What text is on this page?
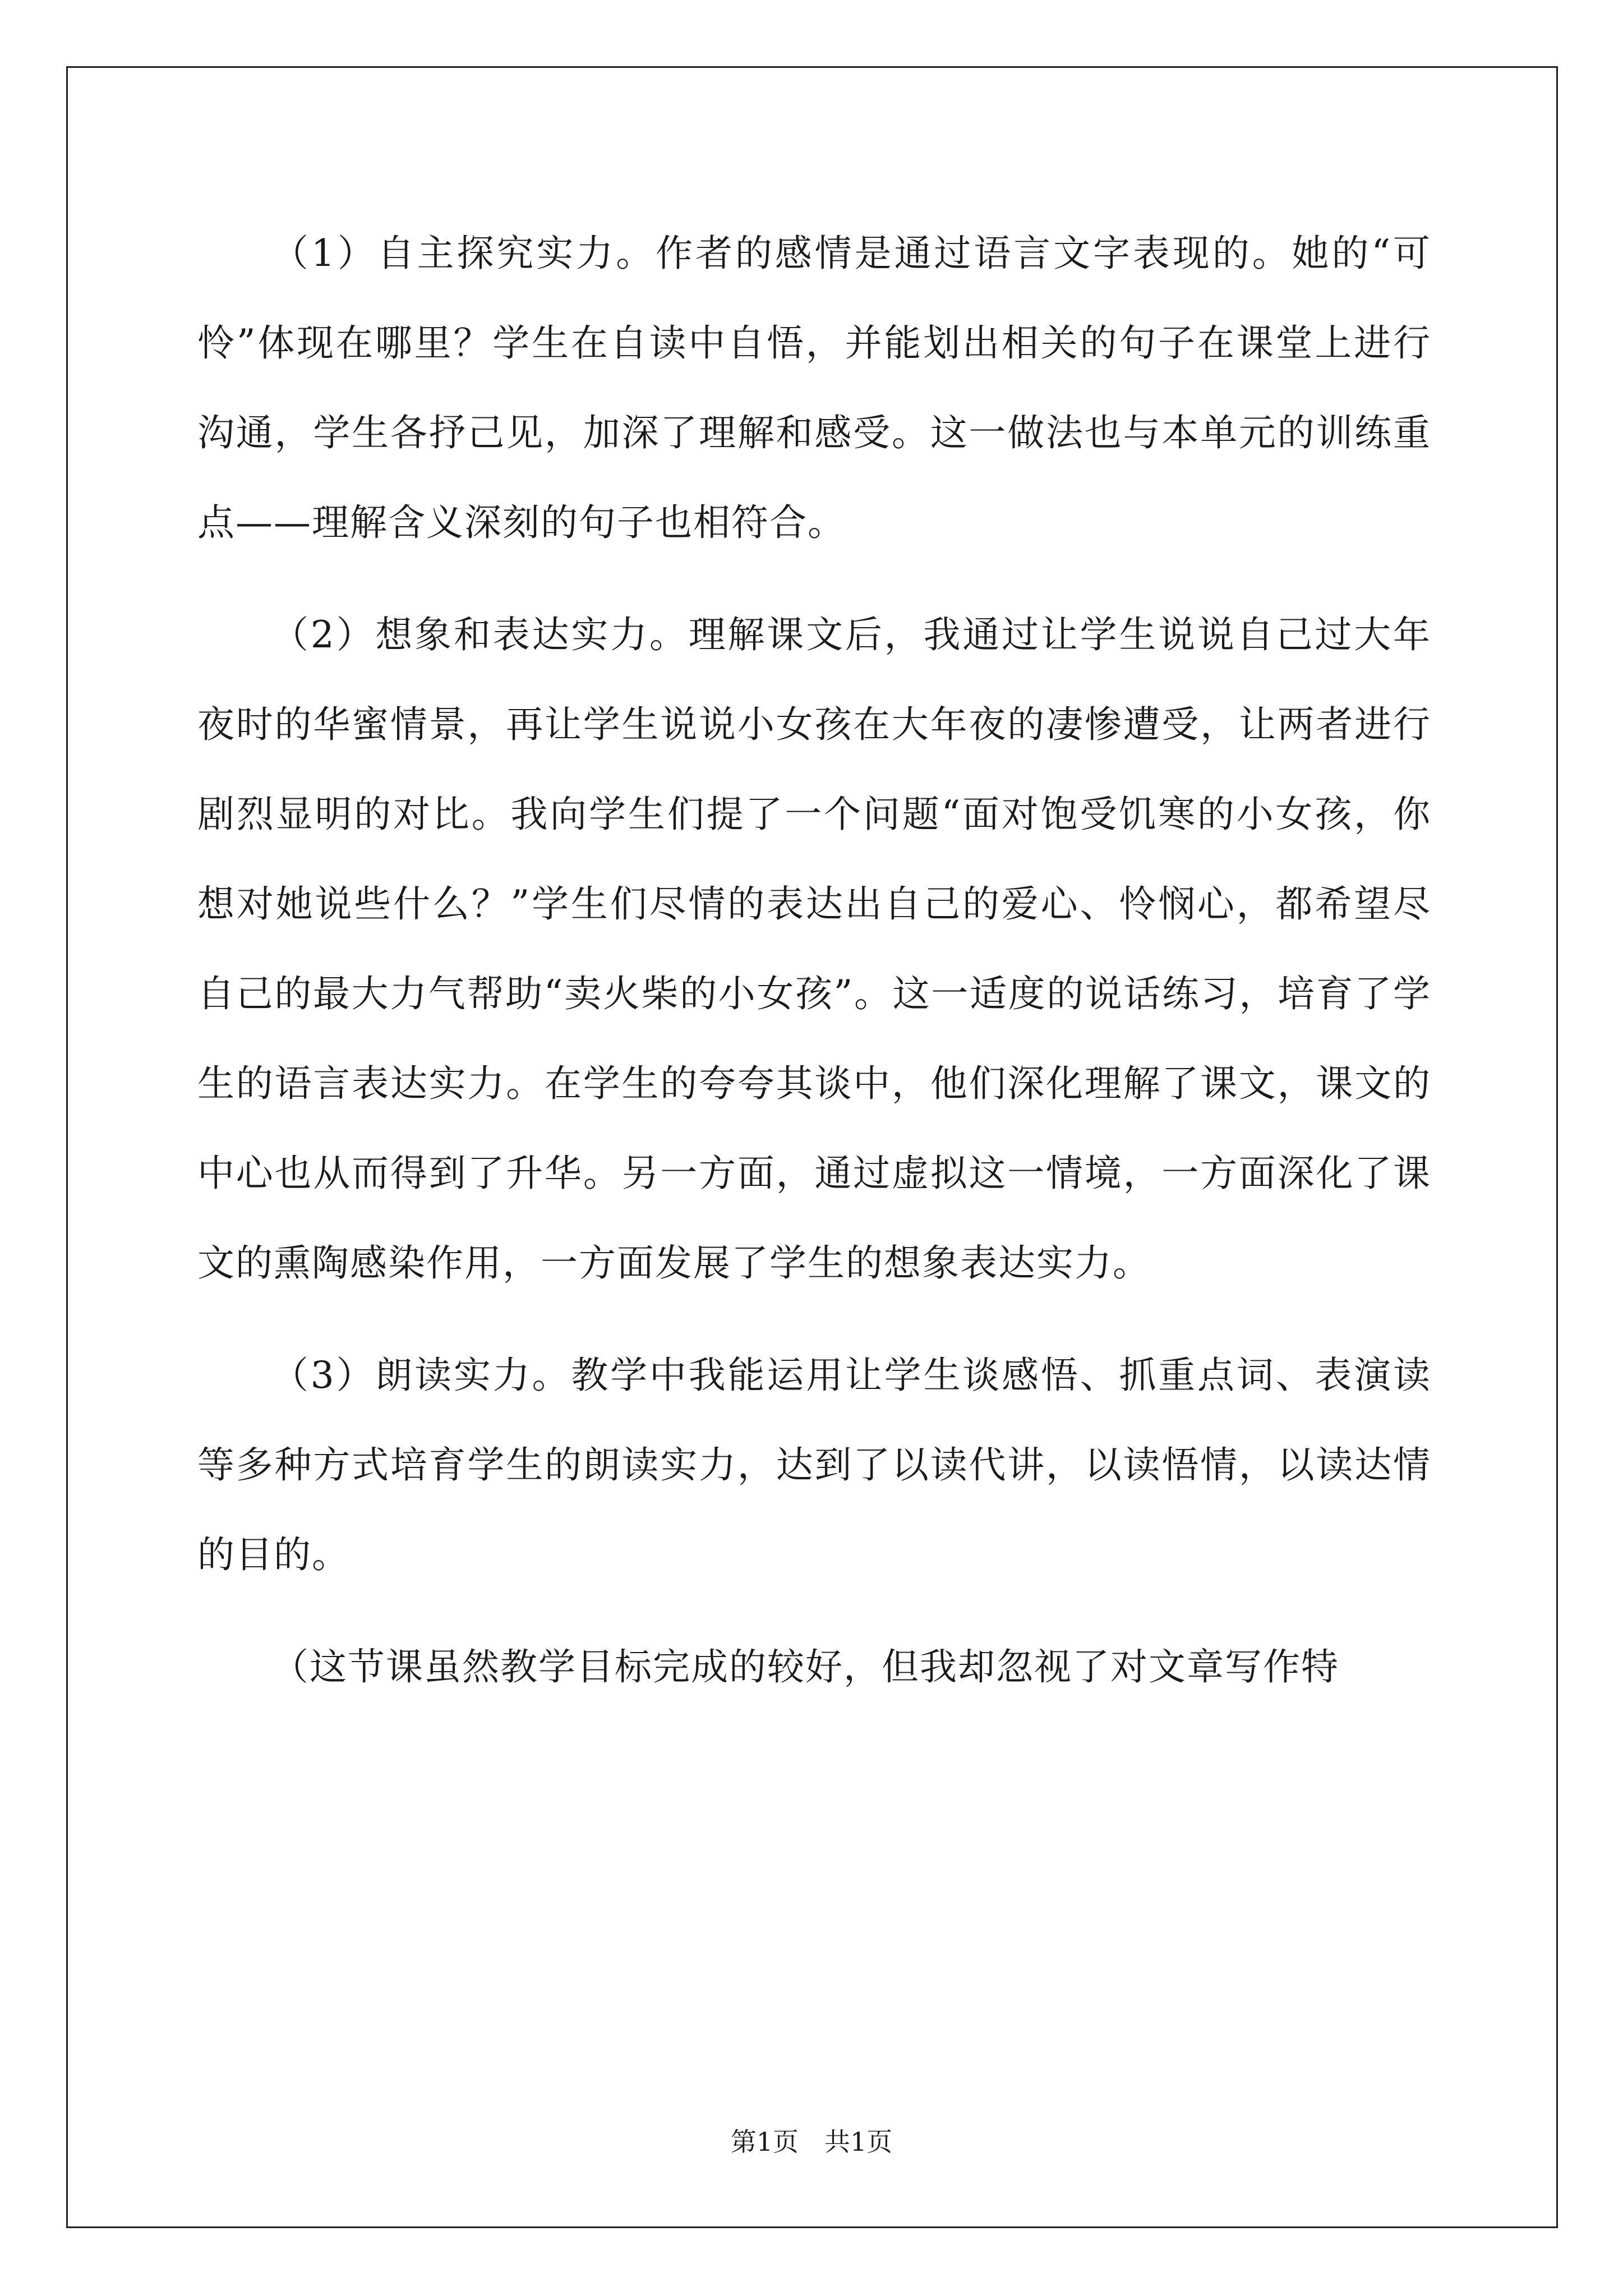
（1）自主探究实力。作者的感情是通过语言文字表现的。她的“可怜”体现在哪里？学生在自读中自悟，并能划出相关的句子在课堂上进行沟通，学生各抒己见，加深了理解和感受。这一做法也与本单元的训练重点——理解含义深刻的句子也相符合。

（2）想象和表达实力。理解课文后，我通过让学生说说自己过大年夜时的华蜜情景，再让学生说说小女孩在大年夜的凄惨遭受，让两者进行剧烈显明的对比。我向学生们提了一个问题“面对饱受饥寒的小女孩，你想对她说些什么？”学生们尽情的表达出自己的爱心、怜悯心，都希望尽自己的最大力气帮助“卖火柴的小女孩”。这一适度的说话练习，培育了学生的语言表达实力。在学生的夸夸其谈中，他们深化理解了课文，课文的中心也从而得到了升华。另一方面，通过虚拟这一情境，一方面深化了课文的熏陶感染作用，一方面发展了学生的想象表达实力。

（3）朗读实力。教学中我能运用让学生谈感悟、抓重点词、表演读等多种方式培育学生的朗读实力，达到了以读代讲，以读悟情，以读达情的目的。

（这节课虽然教学目标完成的较好，但我却忽视了对文章写作特

第1页　共1页
